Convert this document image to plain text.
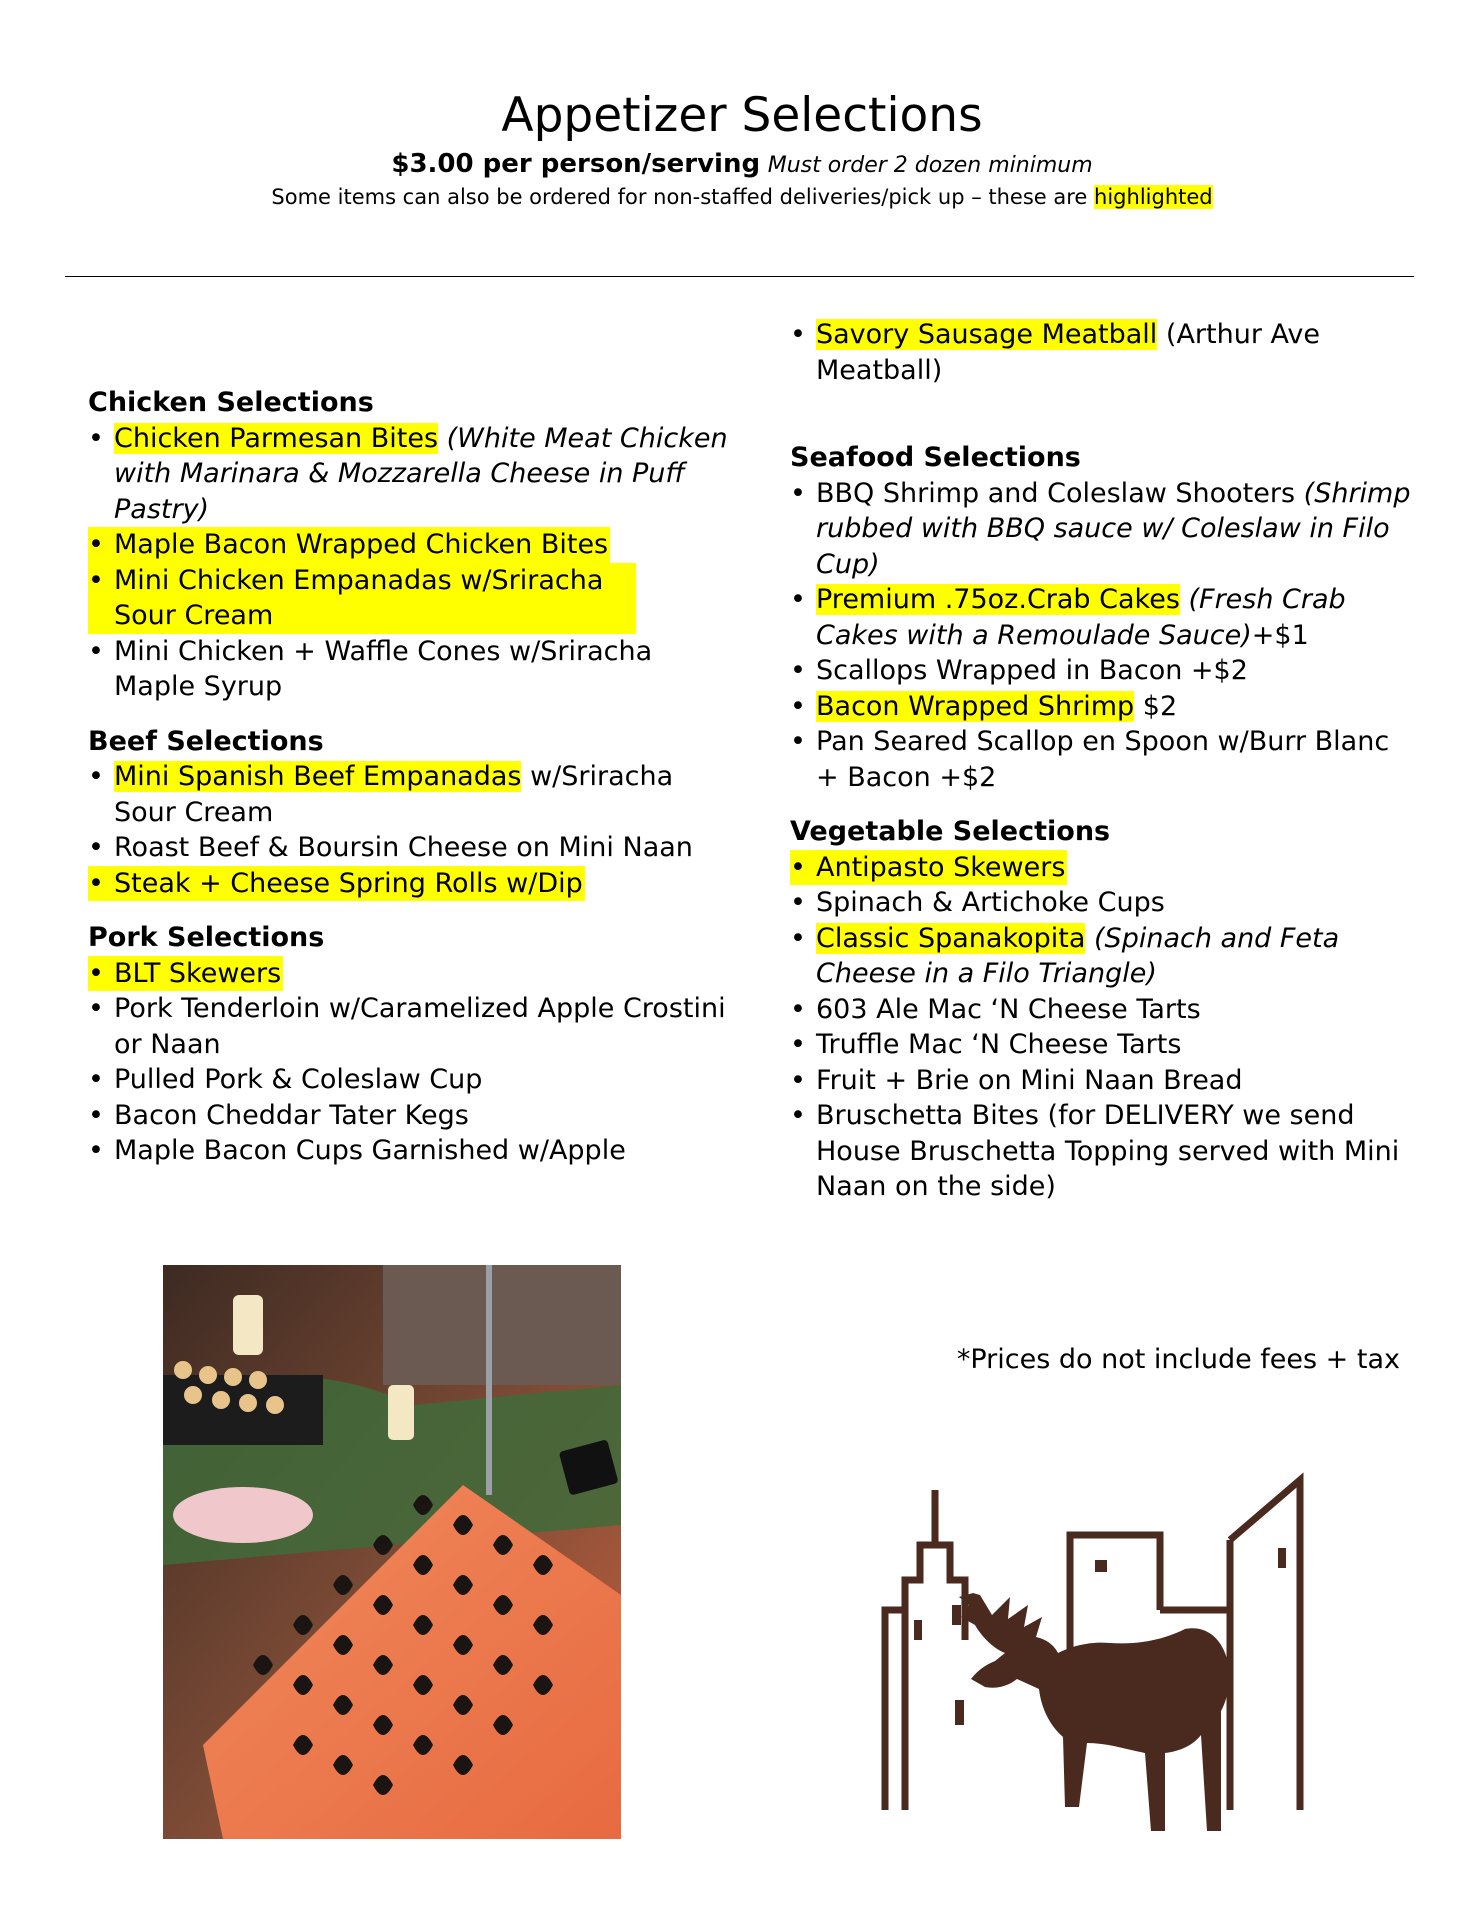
Appetizer Selections
$3.00 per person/serving Must order 2 dozen minimum
Some items can also be ordered for non-staffed deliveries/pick up – these are highlighted
Chicken Selections
• Chicken Parmesan Bites (White Meat Chicken with Marinara & Mozzarella Cheese in Puff Pastry)
• Maple Bacon Wrapped Chicken Bites
• Mini Chicken Empanadas w/Sriracha Sour Cream
• Mini Chicken + Waffle Cones w/Sriracha Maple Syrup
Beef Selections
• Mini Spanish Beef Empanadas w/Sriracha Sour Cream
• Roast Beef & Boursin Cheese on Mini Naan
• Steak + Cheese Spring Rolls w/Dip
Pork Selections
• BLT Skewers
• Pork Tenderloin w/Caramelized Apple Crostini or Naan
• Pulled Pork & Coleslaw Cup
• Bacon Cheddar Tater Kegs
• Maple Bacon Cups Garnished w/Apple
• Savory Sausage Meatball (Arthur Ave Meatball)
Seafood Selections
• BBQ Shrimp and Coleslaw Shooters (Shrimp rubbed with BBQ sauce w/ Coleslaw in Filo Cup)
• Premium .75oz.Crab Cakes (Fresh Crab Cakes with a Remoulade Sauce)+$1
• Scallops Wrapped in Bacon +$2
• Bacon Wrapped Shrimp $2
• Pan Seared Scallop en Spoon w/Burr Blanc + Bacon +$2
Vegetable Selections
• Antipasto Skewers
• Spinach & Artichoke Cups
• Classic Spanakopita (Spinach and Feta Cheese in a Filo Triangle)
• 603 Ale Mac ‘N Cheese Tarts
• Truffle Mac ‘N Cheese Tarts
• Fruit + Brie on Mini Naan Bread
• Bruschetta Bites (for DELIVERY we send House Bruschetta Topping served with Mini Naan on the side)
*Prices do not include fees + tax
